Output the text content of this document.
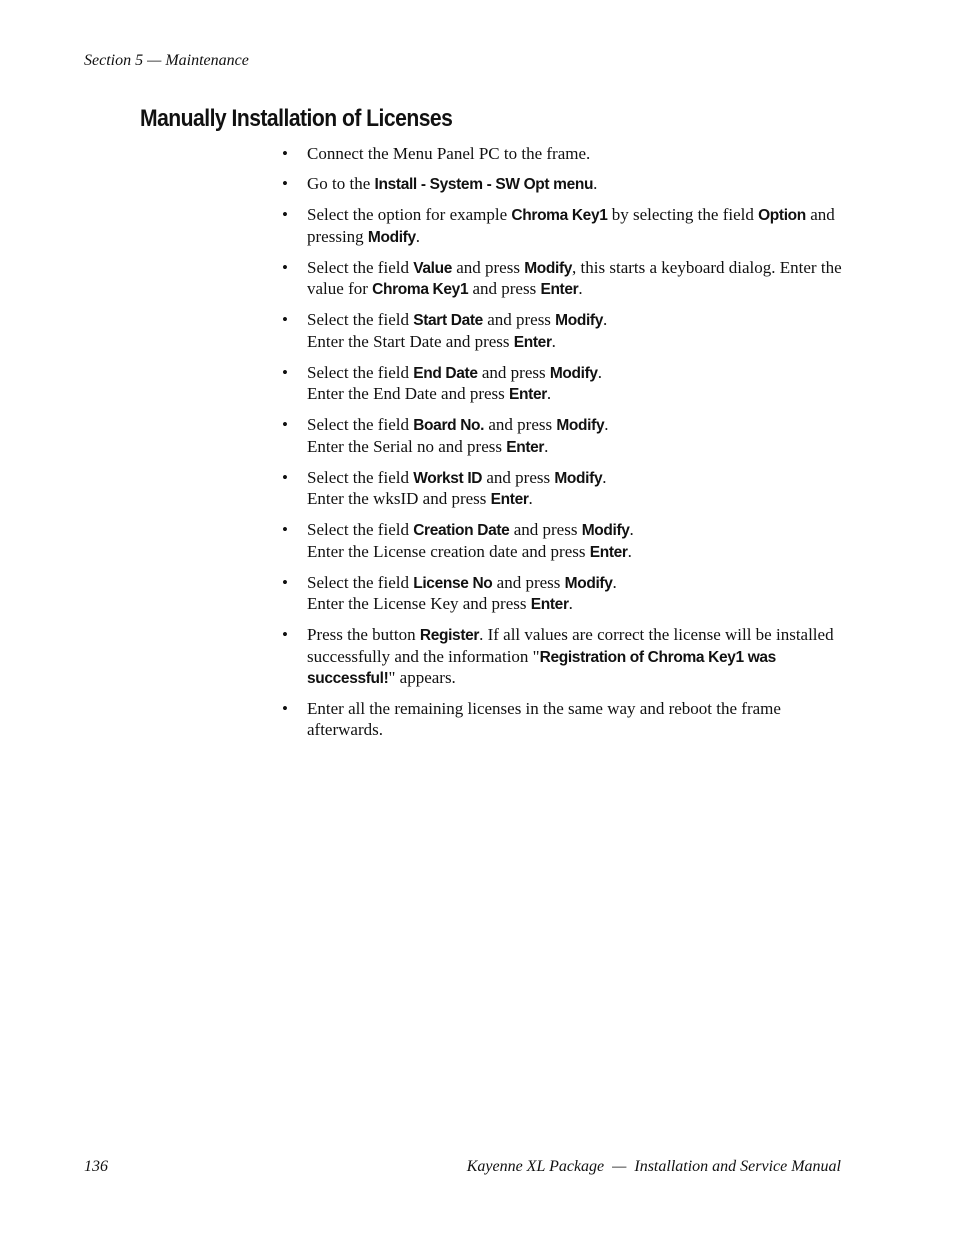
Section 5 — Maintenance
Manually Installation of Licenses
• Connect the Menu Panel PC to the frame.
• Go to the Install - System - SW Opt menu.
• Select the option for example Chroma Key1 by selecting the field Option and pressing Modify.
• Select the field Value and press Modify, this starts a keyboard dialog. Enter the value for Chroma Key1 and press Enter.
• Select the field Start Date and press Modify.
Enter the Start Date and press Enter.
• Select the field End Date and press Modify.
Enter the End Date and press Enter.
• Select the field Board No. and press Modify.
Enter the Serial no and press Enter.
• Select the field Workst ID and press Modify.
Enter the wksID and press Enter.
• Select the field Creation Date and press Modify.
Enter the License creation date and press Enter.
• Select the field License No and press Modify.
Enter the License Key and press Enter.
• Press the button Register. If all values are correct the license will be installed successfully and the information "Registration of Chroma Key1 was successful!" appears.
• Enter all the remaining licenses in the same way and reboot the frame afterwards.
136	Kayenne XL Package  —  Installation and Service Manual
